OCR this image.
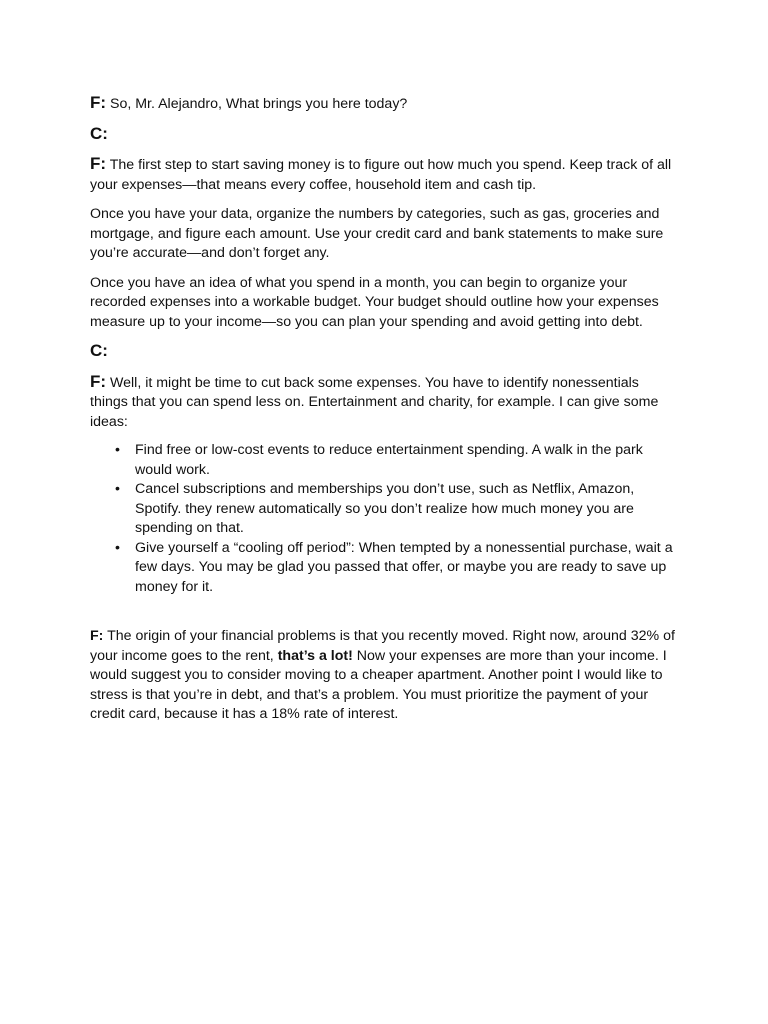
F: So, Mr. Alejandro, What brings you here today?

C:

F: The first step to start saving money is to figure out how much you spend. Keep track of all your expenses—that means every coffee, household item and cash tip.

Once you have your data, organize the numbers by categories, such as gas, groceries and mortgage, and figure each amount. Use your credit card and bank statements to make sure you’re accurate—and don’t forget any.

Once you have an idea of what you spend in a month, you can begin to organize your recorded expenses into a workable budget. Your budget should outline how your expenses measure up to your income—so you can plan your spending and avoid getting into debt.

C:

F: Well, it might be time to cut back some expenses. You have to identify nonessentials things that you can spend less on. Entertainment and charity, for example. I can give some ideas:

• Find free or low-cost events to reduce entertainment spending. A walk in the park would work.
• Cancel subscriptions and memberships you don’t use, such as Netflix, Amazon, Spotify. they renew automatically so you don’t realize how much money you are spending on that.
• Give yourself a “cooling off period”: When tempted by a nonessential purchase, wait a few days. You may be glad you passed that offer, or maybe you are ready to save up money for it.

F: The origin of your financial problems is that you recently moved. Right now, around 32% of your income goes to the rent, that’s a lot! Now your expenses are more than your income. I would suggest you to consider moving to a cheaper apartment. Another point I would like to stress is that you’re in debt, and that’s a problem. You must prioritize the payment of your credit card, because it has a 18% rate of interest.
